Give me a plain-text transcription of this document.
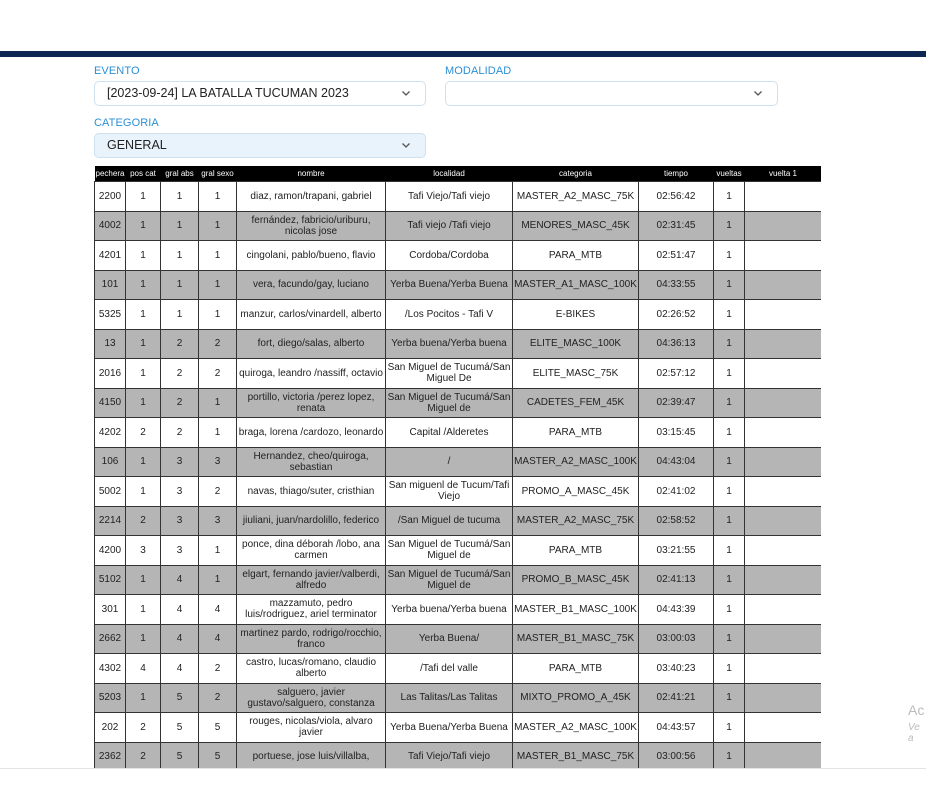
EVENTO
[2023-09-24] LA BATALLA TUCUMAN 2023
MODALIDAD
CATEGORIA
GENERAL
pechera	pos cat	gral abs	gral sexo	nombre	localidad	categoria	tiempo	vueltas	vuelta 1
2200	1	1	1	diaz, ramon/trapani, gabriel	Tafi Viejo/Tafi viejo	MASTER_A2_MASC_75K	02:56:42	1	
4002	1	1	1	fernández, fabricio/uriburu, nicolas jose	Tafi viejo /Tafi viejo	MENORES_MASC_45K	02:31:45	1	
4201	1	1	1	cingolani, pablo/bueno, flavio	Cordoba/Cordoba	PARA_MTB	02:51:47	1	
101	1	1	1	vera, facundo/gay, luciano	Yerba Buena/Yerba Buena	MASTER_A1_MASC_100K	04:33:55	1	
5325	1	1	1	manzur, carlos/vinardell, alberto	/Los Pocitos - Tafi V	E-BIKES	02:26:52	1	
13	1	2	2	fort, diego/salas, alberto	Yerba buena/Yerba buena	ELITE_MASC_100K	04:36:13	1	
2016	1	2	2	quiroga, leandro /nassiff, octavio	San Miguel de Tucumá/San Miguel De	ELITE_MASC_75K	02:57:12	1	
4150	1	2	1	portillo, victoria /perez lopez, renata	San Miguel de Tucumá/San Miguel de	CADETES_FEM_45K	02:39:47	1	
4202	2	2	1	braga, lorena /cardozo, leonardo	Capital /Alderetes	PARA_MTB	03:15:45	1	
106	1	3	3	Hernandez, cheo/quiroga, sebastian	/	MASTER_A2_MASC_100K	04:43:04	1	
5002	1	3	2	navas, thiago/suter, cristhian	San miguenl de Tucum/Tafi Viejo	PROMO_A_MASC_45K	02:41:02	1	
2214	2	3	3	jiuliani, juan/nardolillo, federico	/San Miguel de tucuma	MASTER_A2_MASC_75K	02:58:52	1	
4200	3	3	1	ponce, dina déborah /lobo, ana carmen	San Miguel de Tucumá/San Miguel de	PARA_MTB	03:21:55	1	
5102	1	4	1	elgart, fernando javier/valberdi, alfredo	San Miguel de Tucumá/San Miguel de	PROMO_B_MASC_45K	02:41:13	1	
301	1	4	4	mazzamuto, pedro luis/rodriguez, ariel terminator	Yerba buena/Yerba buena	MASTER_B1_MASC_100K	04:43:39	1	
2662	1	4	4	martinez pardo, rodrigo/rocchio, franco	Yerba Buena/	MASTER_B1_MASC_75K	03:00:03	1	
4302	4	4	2	castro, lucas/romano, claudio alberto	/Tafi del valle	PARA_MTB	03:40:23	1	
5203	1	5	2	salguero, javier gustavo/salguero, constanza	Las Talitas/Las Talitas	MIXTO_PROMO_A_45K	02:41:21	1	
202	2	5	5	rouges, nicolas/viola, alvaro javier	Yerba Buena/Yerba Buena	MASTER_A2_MASC_100K	04:43:57	1	
2362	2	5	5	portuese, jose luis/villalba,	Tafi Viejo/Tafi viejo	MASTER_B1_MASC_75K	03:00:56	1	
Ac
Ve a
